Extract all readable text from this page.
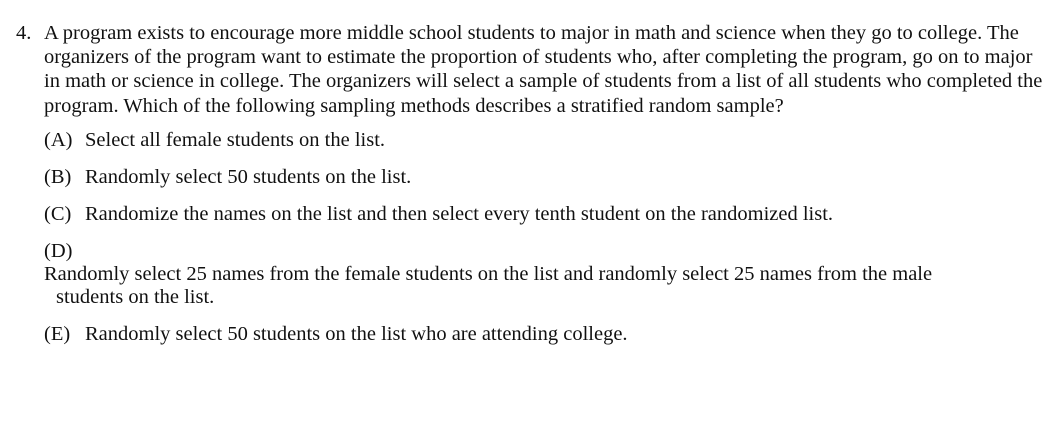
4. A program exists to encourage more middle school students to major in math and science when they go to college. The organizers of the program want to estimate the proportion of students who, after completing the program, go on to major in math or science in college. The organizers will select a sample of students from a list of all students who completed the program. Which of the following sampling methods describes a stratified random sample?
(A) Select all female students on the list.
(B) Randomly select 50 students on the list.
(C) Randomize the names on the list and then select every tenth student on the randomized list.
(D)Randomly select 25 names from the female students on the list and randomly select 25 names from the male
students on the list.
(E) Randomly select 50 students on the list who are attending college.
